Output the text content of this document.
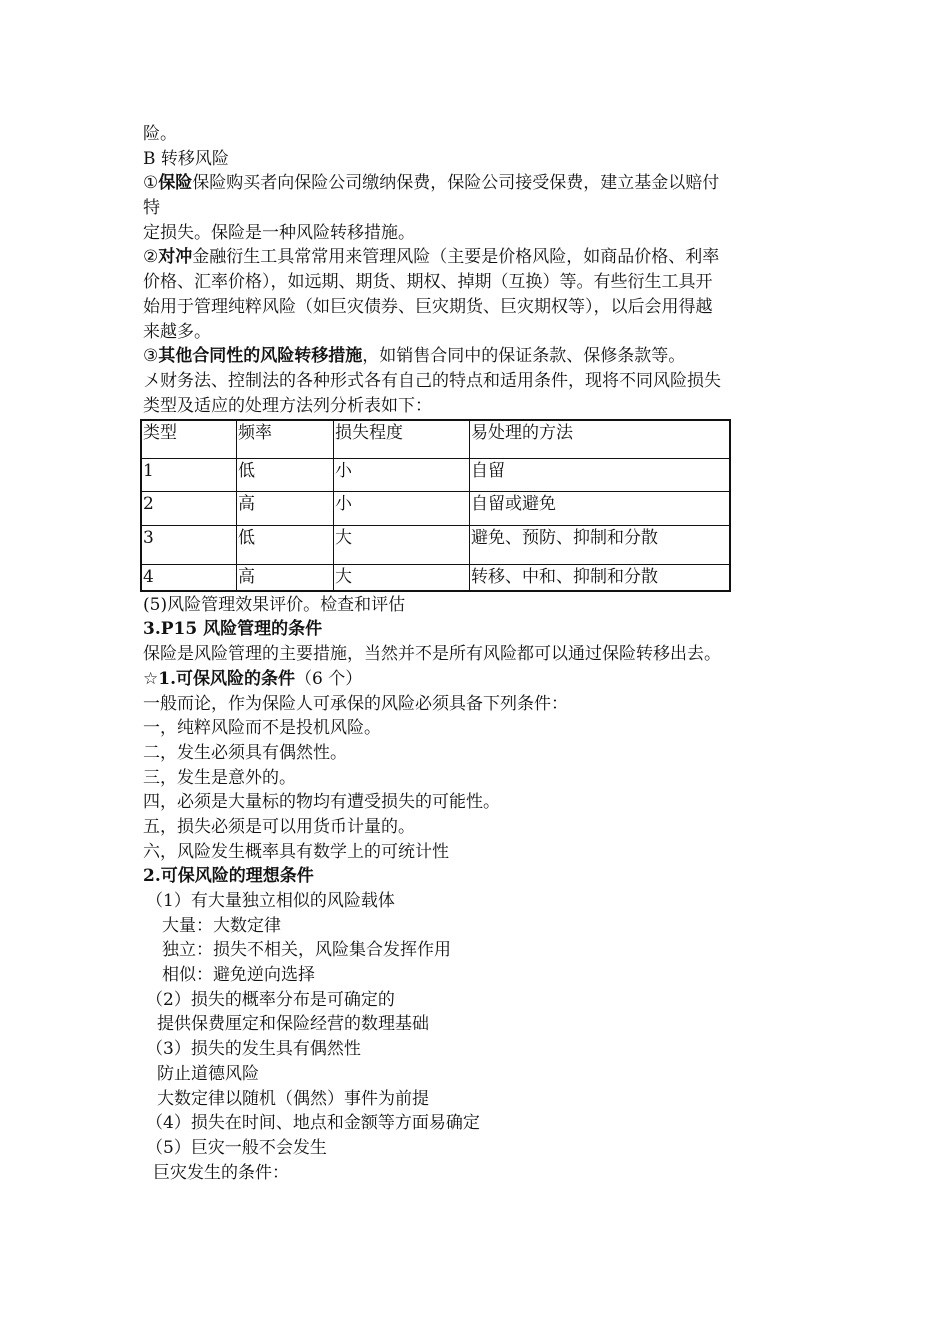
险。
B 转移风险
①保险保险购买者向保险公司缴纳保费，保险公司接受保费，建立基金以赔付
特
定损失。保险是一种风险转移措施。
②对冲金融衍生工具常常用来管理风险（主要是价格风险，如商品价格、利率
价格、汇率价格），如远期、期货、期权、掉期（互换）等。有些衍生工具开
始用于管理纯粹风险（如巨灾债券、巨灾期货、巨灾期权等），以后会用得越
来越多。
③其他合同性的风险转移措施，如销售合同中的保证条款、保修条款等。
〤财务法、控制法的各种形式各有自己的特点和适用条件，现将不同风险损失
类型及适应的处理方法列分析表如下：
类型	频率	损失程度	易处理的方法
1	低	小	自留
2	高	小	自留或避免
3	低	大	避免、预防、抑制和分散
4	高	大	转移、中和、抑制和分散
(5)风险管理效果评价。检查和评估
3.P15 风险管理的条件
保险是风险管理的主要措施，当然并不是所有风险都可以通过保险转移出去。
☆1.可保风险的条件（6 个）
一般而论，作为保险人可承保的风险必须具备下列条件：
一，纯粹风险而不是投机风险。
二，发生必须具有偶然性。
三，发生是意外的。
四，必须是大量标的物均有遭受损失的可能性。
五，损失必须是可以用货币计量的。
六，风险发生概率具有数学上的可统计性
2.可保风险的理想条件
（1）有大量独立相似的风险载体
大量：大数定律
独立：损失不相关，风险集合发挥作用
相似：避免逆向选择
（2）损失的概率分布是可确定的
提供保费厘定和保险经营的数理基础
（3）损失的发生具有偶然性
防止道德风险
大数定律以随机（偶然）事件为前提
（4）损失在时间、地点和金额等方面易确定
（5）巨灾一般不会发生
巨灾发生的条件：
